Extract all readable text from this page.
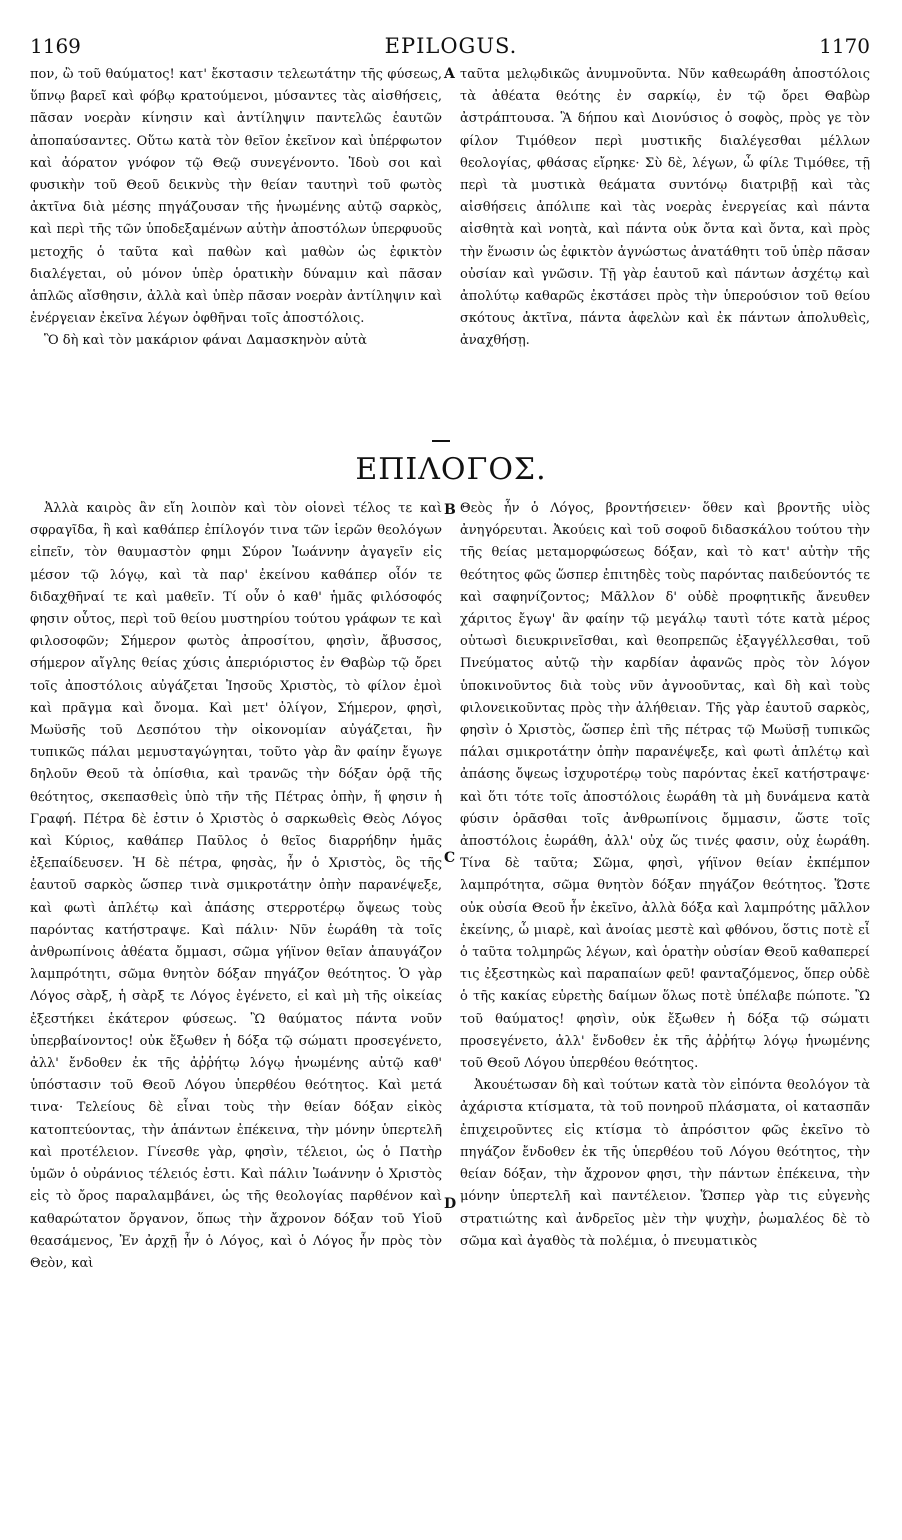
1169	EPILOGUS.	1170

πον, ὢ τοῦ θαύματος! κατ' ἔκστασιν τελεωτάτην τῆς φύσεως, ὕπνῳ βαρεῖ καὶ φόβῳ κρατούμενοι, μύσαντες τὰς αἰσθήσεις, πᾶσαν νοερὰν κίνησιν καὶ ἀντίληψιν παντελῶς ἑαυτῶν ἀποπαύσαντες. Οὕτω κατὰ τὸν θεῖον ἐκεῖνον καὶ ὑπέρφωτον καὶ ἀόρατον γνόφον τῷ Θεῷ συνεγένοντο. Ἰδοὺ σοι καὶ φυσικὴν τοῦ Θεοῦ δεικνὺς τὴν θείαν ταυτηνὶ τοῦ φωτὸς ἀκτῖνα διὰ μέσης πηγάζουσαν τῆς ἡνωμένης αὐτῷ σαρκὸς, καὶ περὶ τῆς τῶν ὑποδεξαμένων αὐτὴν ἀποστόλων ὑπερφυοῦς μετοχῆς ὁ ταῦτα καὶ παθὼν καὶ μαθὼν ὡς ἐφικτὸν διαλέγεται, οὐ μόνον ὑπὲρ ὁρατικὴν δύναμιν καὶ πᾶσαν ἁπλῶς αἴσθησιν, ἀλλὰ καὶ ὑπὲρ πᾶσαν νοερὰν ἀντίληψιν καὶ ἐνέργειαν ἐκεῖνα λέγων ὀφθῆναι τοῖς ἀποστόλοις.

Ὃ δὴ καὶ τὸν μακάριον φάναι Δαμασκηνὸν αὐτὰ

A ταῦτα μελῳδικῶς ἀνυμνοῦντα. Νῦν καθεωράθη ἀποστόλοις τὰ ἀθέατα θεότης ἐν σαρκίῳ, ἐν τῷ ὄρει Θαβὼρ ἀστράπτουσα. Ἃ δήπου καὶ Διονύσιος ὁ σοφὸς, πρὸς γε τὸν φίλον Τιμόθεον περὶ μυστικῆς διαλέγεσθαι μέλλων θεολογίας, φθάσας εἴρηκε· Σὺ δὲ, λέγων, ὦ φίλε Τιμόθεε, τῇ περὶ τὰ μυστικὰ θεάματα συντόνῳ διατριβῇ καὶ τὰς αἰσθήσεις ἀπόλιπε καὶ τὰς νοερὰς ἐνεργείας καὶ πάντα αἰσθητὰ καὶ νοητὰ, καὶ πάντα οὐκ ὄντα καὶ ὄντα, καὶ πρὸς τὴν ἕνωσιν ὡς ἐφικτὸν ἀγνώστως ἀνατάθητι τοῦ ὑπὲρ πᾶσαν οὐσίαν καὶ γνῶσιν. Τῇ γὰρ ἑαυτοῦ καὶ πάντων ἀσχέτῳ καὶ ἀπολύτῳ καθαρῶς ἐκστάσει πρὸς τὴν ὑπερούσιον τοῦ θείου σκότους ἀκτῖνα, πάντα ἀφελὼν καὶ ἐκ πάντων ἀπολυθεὶς, ἀναχθήσῃ.

ΕΠΙΛΟΓΟΣ.

Ἀλλὰ καιρὸς ἂν εἴη λοιπὸν καὶ τὸν οἱονεὶ τέλος τε καὶ σφραγῖδα, ἢ καὶ καθάπερ ἐπίλογόν τινα τῶν ἱερῶν θεολόγων εἰπεῖν, τὸν θαυμαστὸν φημι Σύρον Ἰωάννην ἀγαγεῖν εἰς μέσον τῷ λόγῳ, καὶ τὰ παρ' ἐκείνου καθάπερ οἷόν τε διδαχθῆναί τε καὶ μαθεῖν. Τί οὖν ὁ καθ' ἡμᾶς φιλόσοφός φησιν οὗτος, περὶ τοῦ θείου μυστηρίου τούτου γράφων τε καὶ φιλοσοφῶν; Σήμερον φωτὸς ἀπροσίτου, φησὶν, ἄβυσσος, σήμερον αἴγλης θείας χύσις ἀπεριόριστος ἐν Θαβὼρ τῷ ὄρει τοῖς ἀποστόλοις αὐγάζεται Ἰησοῦς Χριστὸς, τὸ φίλον ἐμοὶ καὶ πρᾶγμα καὶ ὄνομα. Καὶ μετ' ὀλίγον, Σήμερον, φησὶ, Μωϋσῆς τοῦ Δεσπότου τὴν οἰκονομίαν αὐγάζεται, ἣν τυπικῶς πάλαι μεμυσταγώγηται, τοῦτο γὰρ ἂν φαίην ἔγωγε δηλοῦν Θεοῦ τὰ ὀπίσθια, καὶ τρανῶς τὴν δόξαν ὁρᾷ τῆς θεότητος, σκεπασθεὶς ὑπὸ τῆν τῆς Πέτρας ὀπὴν, ἥ φησιν ἡ Γραφή. Πέτρα δὲ ἐστιν ὁ Χριστὸς ὁ σαρκωθεὶς Θεὸς Λόγος καὶ Κύριος, καθάπερ Παῦλος ὁ θεῖος διαρρήδην ἡμᾶς ἐξεπαίδευσεν. Ἡ δὲ πέτρα, φησὰς, ἦν ὁ Χριστὸς, ὃς τῆς ἑαυτοῦ σαρκὸς ὥσπερ τινὰ σμικροτάτην ὀπὴν παρανέψεξε, καὶ φωτὶ ἀπλέτῳ καὶ ἀπάσης στερροτέρῳ ὄψεως τοὺς παρόντας κατήστραψε. Καὶ πάλιν· Νῦν ἑωράθη τὰ τοῖς ἀνθρωπίνοις ἀθέατα ὄμμασι, σῶμα γήϊνον θεῖαν ἀπαυγάζον λαμπρότητι, σῶμα θνητὸν δόξαν πηγάζον θεότητος. Ὁ γὰρ Λόγος σὰρξ, ἡ σὰρξ τε Λόγος ἐγένετο, εἰ καὶ μὴ τῆς οἰκείας ἐξεστήκει ἑκάτερον φύσεως. Ὢ θαύματος πάντα νοῦν ὑπερβαίνοντος! οὐκ ἔξωθεν ἡ δόξα τῷ σώματι προσεγένετο, ἀλλ' ἔνδοθεν ἐκ τῆς ἀῤῥήτῳ λόγῳ ἡνωμένης αὐτῷ καθ' ὑπόστασιν τοῦ Θεοῦ Λόγου ὑπερθέου θεότητος. Καὶ μετά τινα· Τελείους δὲ εἶναι τοὺς τὴν θείαν δόξαν εἰκὸς κατοπτεύοντας, τὴν ἁπάντων ἐπέκεινα, τὴν μόνην ὑπερτελῆ καὶ προτέλειον. Γίνεσθε γὰρ, φησὶν, τέλειοι, ὡς ὁ Πατὴρ ὑμῶν ὁ οὐράνιος τέλειός ἐστι. Καὶ πάλιν Ἰωάννην ὁ Χριστὸς εἰς τὸ ὄρος παραλαμβάνει, ὡς τῆς θεολογίας παρθένον καὶ καθαρώτατον ὄργανον, ὅπως τὴν ἄχρονον δόξαν τοῦ Υἱοῦ θεασάμενος, Ἐν ἀρχῇ ἦν ὁ Λόγος, καὶ ὁ Λόγος ἦν πρὸς τὸν Θεὸν, καὶ

B
C
D

Θεὸς ἦν ὁ Λόγος, βροντήσειεν· ὅθεν καὶ βροντῆς υἱὸς ἀνηγόρευται. Ἀκούεις καὶ τοῦ σοφοῦ διδασκάλου τούτου τὴν τῆς θείας μεταμορφώσεως δόξαν, καὶ τὸ κατ' αὐτὴν τῆς θεότητος φῶς ὥσπερ ἐπιτηδὲς τοὺς παρόντας παιδεύοντός τε καὶ σαφηνίζοντος; Μᾶλλον δ' οὐδὲ προφητικῆς ἄνευθεν χάριτος ἔγωγ' ἂν φαίην τῷ μεγάλῳ ταυτὶ τότε κατὰ μέρος οὑτωσὶ διευκρινεῖσθαι, καὶ θεοπρεπῶς ἐξαγγέλλεσθαι, τοῦ Πνεύματος αὐτῷ τὴν καρδίαν ἀφανῶς πρὸς τὸν λόγον ὑποκινοῦντος διὰ τοὺς νῦν ἀγνοοῦντας, καὶ δὴ καὶ τοὺς φιλονεικοῦντας πρὸς τὴν ἀλήθειαν. Τῆς γὰρ ἑαυτοῦ σαρκὸς, φησὶν ὁ Χριστὸς, ὥσπερ ἐπὶ τῆς πέτρας τῷ Μωϋσῇ τυπικῶς πάλαι σμικροτάτην ὀπὴν παρανέψεξε, καὶ φωτὶ ἀπλέτῳ καὶ ἀπάσης ὄψεως ἰσχυροτέρῳ τοὺς παρόντας ἐκεῖ κατήστραψε· καὶ ὅτι τότε τοῖς ἀποστόλοις ἑωράθη τὰ μὴ δυνάμενα κατὰ φύσιν ὁρᾶσθαι τοῖς ἀνθρωπίνοις ὄμμασιν, ὥστε τοῖς ἀποστόλοις ἑωράθη, ἀλλ' οὐχ ὥς τινές φασιν, οὐχ ἑωράθη. Τίνα δὲ ταῦτα; Σῶμα, φησὶ, γήϊνον θείαν ἐκπέμπον λαμπρότητα, σῶμα θνητὸν δόξαν πηγάζον θεότητος. Ὥστε οὐκ οὐσία Θεοῦ ἦν ἐκεῖνο, ἀλλὰ δόξα καὶ λαμπρότης μᾶλλον ἐκείνης, ὦ μιαρὲ, καὶ ἀνοίας μεστὲ καὶ φθόνου, ὅστις ποτὲ εἶ ὁ ταῦτα τολμηρῶς λέγων, καὶ ὁρατὴν οὐσίαν Θεοῦ καθαπερεί τις ἐξεστηκὼς καὶ παραπαίων φεῦ! φανταζόμενος, ὅπερ οὐδὲ ὁ τῆς κακίας εὑρετὴς δαίμων ὅλως ποτὲ ὑπέλαβε πώποτε. Ὢ τοῦ θαύματος! φησὶν, οὐκ ἔξωθεν ἡ δόξα τῷ σώματι προσεγένετο, ἀλλ' ἔνδοθεν ἐκ τῆς ἀῤῥήτῳ λόγῳ ἡνωμένης τοῦ Θεοῦ Λόγου ὑπερθέου θεότητος.

Ἀκουέτωσαν δὴ καὶ τούτων κατὰ τὸν εἰπόντα θεολόγον τὰ ἀχάριστα κτίσματα, τὰ τοῦ πονηροῦ πλάσματα, οἱ κατασπᾶν ἐπιχειροῦντες εἰς κτίσμα τὸ ἀπρόσιτον φῶς ἐκεῖνο τὸ πηγάζον ἔνδοθεν ἐκ τῆς ὑπερθέου τοῦ Λόγου θεότητος, τὴν θείαν δόξαν, τὴν ἄχρονον φησι, τὴν πάντων ἐπέκεινα, τὴν μόνην ὑπερτελῆ καὶ παντέλειον. Ὥσπερ γὰρ τις εὐγενὴς στρατιώτης καὶ ἀνδρεῖος μὲν τὴν ψυχὴν, ῥωμαλέος δὲ τὸ σῶμα καὶ ἀγαθὸς τὰ πολέμια, ὁ πνευματικὸς
